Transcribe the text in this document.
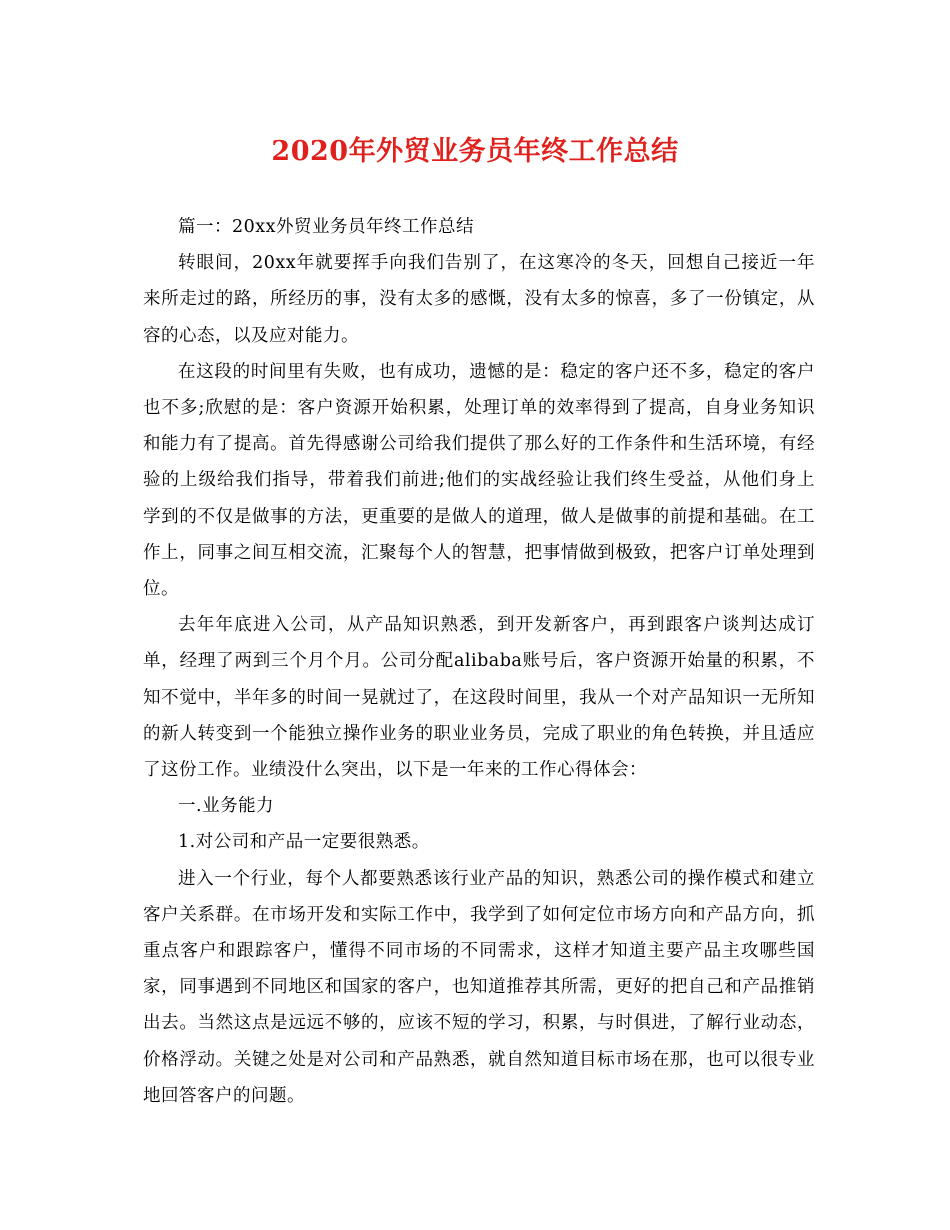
2020年外贸业务员年终工作总结

篇一：20xx外贸业务员年终工作总结

转眼间，20xx年就要挥手向我们告别了，在这寒冷的冬天，回想自己接近一年来所走过的路，所经历的事，没有太多的感慨，没有太多的惊喜，多了一份镇定，从容的心态，以及应对能力。

在这段的时间里有失败，也有成功，遗憾的是：稳定的客户还不多，稳定的客户也不多;欣慰的是：客户资源开始积累，处理订单的效率得到了提高，自身业务知识和能力有了提高。首先得感谢公司给我们提供了那么好的工作条件和生活环境，有经验的上级给我们指导，带着我们前进;他们的实战经验让我们终生受益，从他们身上学到的不仅是做事的方法，更重要的是做人的道理，做人是做事的前提和基础。在工作上，同事之间互相交流，汇聚每个人的智慧，把事情做到极致，把客户订单处理到位。

去年年底进入公司，从产品知识熟悉，到开发新客户，再到跟客户谈判达成订单，经理了两到三个月个月。公司分配alibaba账号后，客户资源开始量的积累，不知不觉中，半年多的时间一晃就过了，在这段时间里，我从一个对产品知识一无所知的新人转变到一个能独立操作业务的职业业务员，完成了职业的角色转换，并且适应了这份工作。业绩没什么突出，以下是一年来的工作心得体会：

一.业务能力

1.对公司和产品一定要很熟悉。

进入一个行业，每个人都要熟悉该行业产品的知识，熟悉公司的操作模式和建立客户关系群。在市场开发和实际工作中，我学到了如何定位市场方向和产品方向，抓重点客户和跟踪客户，懂得不同市场的不同需求，这样才知道主要产品主攻哪些国家，同事遇到不同地区和国家的客户，也知道推荐其所需，更好的把自己和产品推销出去。当然这点是远远不够的，应该不短的学习，积累，与时俱进，了解行业动态，价格浮动。关键之处是对公司和产品熟悉，就自然知道目标市场在那，也可以很专业地回答客户的问题。
